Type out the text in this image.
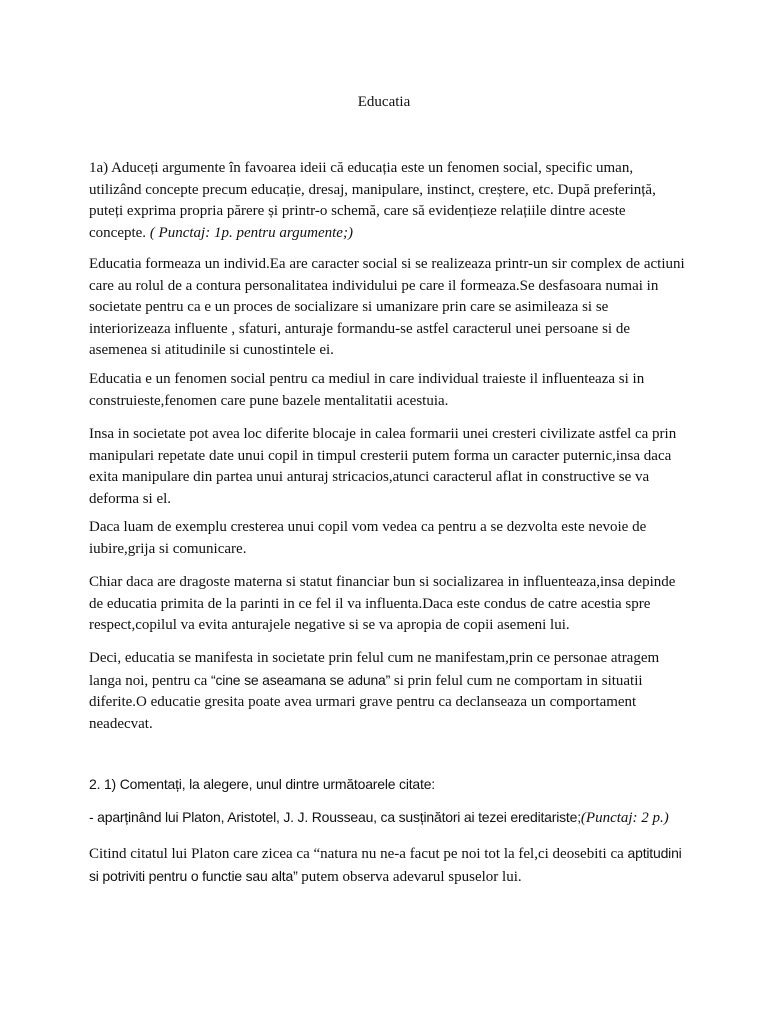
Educatia

1a) Aduceți argumente în favoarea ideii că educația este un fenomen social, specific uman, utilizând concepte precum educație, dresaj, manipulare, instinct, creștere, etc. După preferință, puteți exprima propria părere și printr-o schemă, care să evidențieze relațiile dintre aceste concepte. ( Punctaj: 1p. pentru argumente;)

Educatia formeaza un individ.Ea are caracter social si se realizeaza printr-un sir complex de actiuni care au rolul de a contura personalitatea individului pe care il formeaza.Se desfasoara numai in societate pentru ca e un proces de socializare si umanizare prin care se asimileaza si se interiorizeaza influente , sfaturi, anturaje formandu-se astfel caracterul unei persoane si de asemenea si atitudinile si cunostintele ei.

Educatia e un fenomen social pentru ca mediul in care individual traieste il influenteaza si in construieste,fenomen care pune bazele mentalitatii acestuia.

Insa in societate pot avea loc diferite blocaje in calea formarii unei cresteri civilizate astfel ca prin manipulari repetate date unui copil in timpul cresterii putem forma un caracter puternic,insa daca exita manipulare din partea unui anturaj stricacios,atunci caracterul aflat in constructive se va deforma si el.

Daca luam de exemplu cresterea unui copil vom vedea ca pentru a se dezvolta este nevoie de iubire,grija si comunicare.

Chiar daca are dragoste materna si statut financiar bun si socializarea in influenteaza,insa depinde de educatia primita de la parinti in ce fel il va influenta.Daca este condus de catre acestia spre respect,copilul va evita anturajele negative si se va apropia de copii asemeni lui.

Deci, educatia se manifesta in societate prin felul cum ne manifestam,prin ce personae atragem langa noi, pentru ca “cine se aseamana se aduna” si prin felul cum ne comportam in situatii diferite.O educatie gresita poate avea urmari grave pentru ca declanseaza un comportament neadecvat.

2. 1) Comentați, la alegere, unul dintre următoarele citate:

- aparținând lui Platon, Aristotel, J. J. Rousseau, ca susținători ai tezei ereditariste;(Punctaj: 2 p.)

Citind citatul lui Platon care zicea ca “natura nu ne-a facut pe noi tot la fel,ci deosebiti ca aptitudini si potriviti pentru o functie sau alta” putem observa adevarul spuselor lui.
